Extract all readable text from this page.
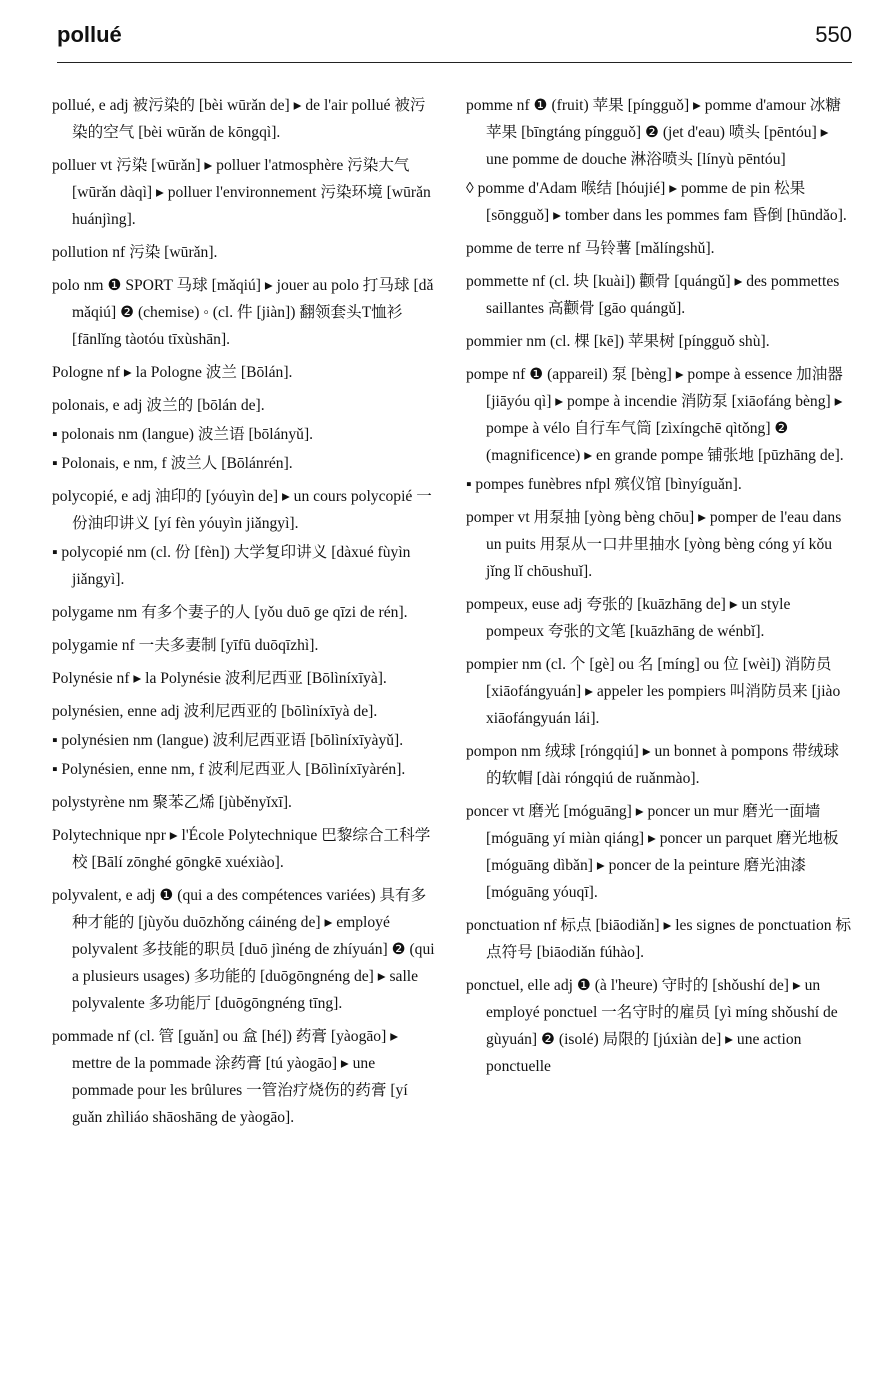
pollué	550

pollué, e adj 被污染的 [bèi wūrǎn de] ▸ de l'air pollué 被污染的空气 [bèi wūrǎn de kōngqì].

polluer vt 污染 [wūrǎn] ▸ polluer l'atmosphère 污染大气 [wūrǎn dàqì] ▸ polluer l'environnement 污染环境 [wūrǎn huánjìng].

pollution nf 污染 [wūrǎn].

polo nm ❶ SPORT 马球 [mǎqiú] ▸ jouer au polo 打马球 [dǎ mǎqiú] ❷ (chemise) ◦ (cl. 件 [jiàn]) 翻领套头T恤衫 [fānlǐng tàotóu tīxùshān].

Pologne nf ▸ la Pologne 波兰 [Bōlán].

polonais, e adj 波兰的 [bōlán de].

▪ polonais nm (langue) 波兰语 [bōlányǔ].

▪ Polonais, e nm, f 波兰人 [Bōlánrén].

polycopié, e adj 油印的 [yóuyìn de] ▸ un cours polycopié 一份油印讲义 [yí fèn yóuyìn jiǎngyì].

▪ polycopié nm (cl. 份 [fèn]) 大学复印讲义 [dàxué fùyìn jiǎngyì].

polygame nm 有多个妻子的人 [yǒu duō ge qīzi de rén].

polygamie nf 一夫多妻制 [yīfū duōqīzhì].

Polynésie nf ▸ la Polynésie 波利尼西亚 [Bōlìníxīyà].

polynésien, enne adj 波利尼西亚的 [bōlìníxīyà de].

▪ polynésien nm (langue) 波利尼西亚语 [bōlìníxīyàyǔ].

▪ Polynésien, enne nm, f 波利尼西亚人 [Bōlìníxīyàrén].

polystyrène nm 聚苯乙烯 [jùběnyǐxī].

Polytechnique npr ▸ l'École Polytechnique 巴黎综合工科学校 [Bālí zōnghé gōngkē xuéxiào].

polyvalent, e adj ❶ (qui a des compétences variées) 具有多种才能的 [jùyǒu duōzhǒng cáinéng de] ▸ employé polyvalent 多技能的职员 [duō jìnéng de zhíyuán] ❷ (qui a plusieurs usages) 多功能的 [duōgōngnéng de] ▸ salle polyvalente 多功能厅 [duōgōngnéng tīng].

pommade nf (cl. 管 [guǎn] ou 盒 [hé]) 药膏 [yàogāo] ▸ mettre de la pommade 涂药膏 [tú yàogāo] ▸ une pommade pour les brûlures 一管治疗烧伤的药膏 [yí guǎn zhìliáo shāoshāng de yàogāo].

pomme nf ❶ (fruit) 苹果 [píngguǒ] ▸ pomme d'amour 冰糖苹果 [bīngtáng píngguǒ] ❷ (jet d'eau) 喷头 [pēntóu] ▸ une pomme de douche 淋浴喷头 [línyù pēntóu]

◊ pomme d'Adam 喉结 [hóujié] ▸ pomme de pin 松果 [sōngguǒ] ▸ tomber dans les pommes fam 昏倒 [hūndǎo].

pomme de terre nf 马铃薯 [mǎlíngshǔ].

pommette nf (cl. 块 [kuài]) 颧骨 [quángǔ] ▸ des pommettes saillantes 高颧骨 [gāo quángǔ].

pommier nm (cl. 棵 [kē]) 苹果树 [píngguǒ shù].

pompe nf ❶ (appareil) 泵 [bèng] ▸ pompe à essence 加油器 [jiāyóu qì] ▸ pompe à incendie 消防泵 [xiāofáng bèng] ▸ pompe à vélo 自行车气筒 [zìxíngchē qìtǒng] ❷ (magnificence) ▸ en grande pompe 铺张地 [pūzhāng de].

▪ pompes funèbres nfpl 殡仪馆 [bìnyíguǎn].

pomper vt 用泵抽 [yòng bèng chōu] ▸ pomper de l'eau dans un puits 用泵从一口井里抽水 [yòng bèng cóng yí kǒu jǐng lǐ chōushuǐ].

pompeux, euse adj 夸张的 [kuāzhāng de] ▸ un style pompeux 夸张的文笔 [kuāzhāng de wénbǐ].

pompier nm (cl. 个 [gè] ou 名 [míng] ou 位 [wèi]) 消防员 [xiāofángyuán] ▸ appeler les pompiers 叫消防员来 [jiào xiāofángyuán lái].

pompon nm 绒球 [róngqiú] ▸ un bonnet à pompons 带绒球的软帽 [dài róngqiú de ruǎnmào].

poncer vt 磨光 [móguāng] ▸ poncer un mur 磨光一面墙 [móguāng yí miàn qiáng] ▸ poncer un parquet 磨光地板 [móguāng dìbǎn] ▸ poncer de la peinture 磨光油漆 [móguāng yóuqī].

ponctuation nf 标点 [biāodiǎn] ▸ les signes de ponctuation 标点符号 [biāodiǎn fúhào].

ponctuel, elle adj ❶ (à l'heure) 守时的 [shǒushí de] ▸ un employé ponctuel 一名守时的雇员 [yì míng shǒushí de gùyuán] ❷ (isolé) 局限的 [júxiàn de] ▸ une action ponctuelle
